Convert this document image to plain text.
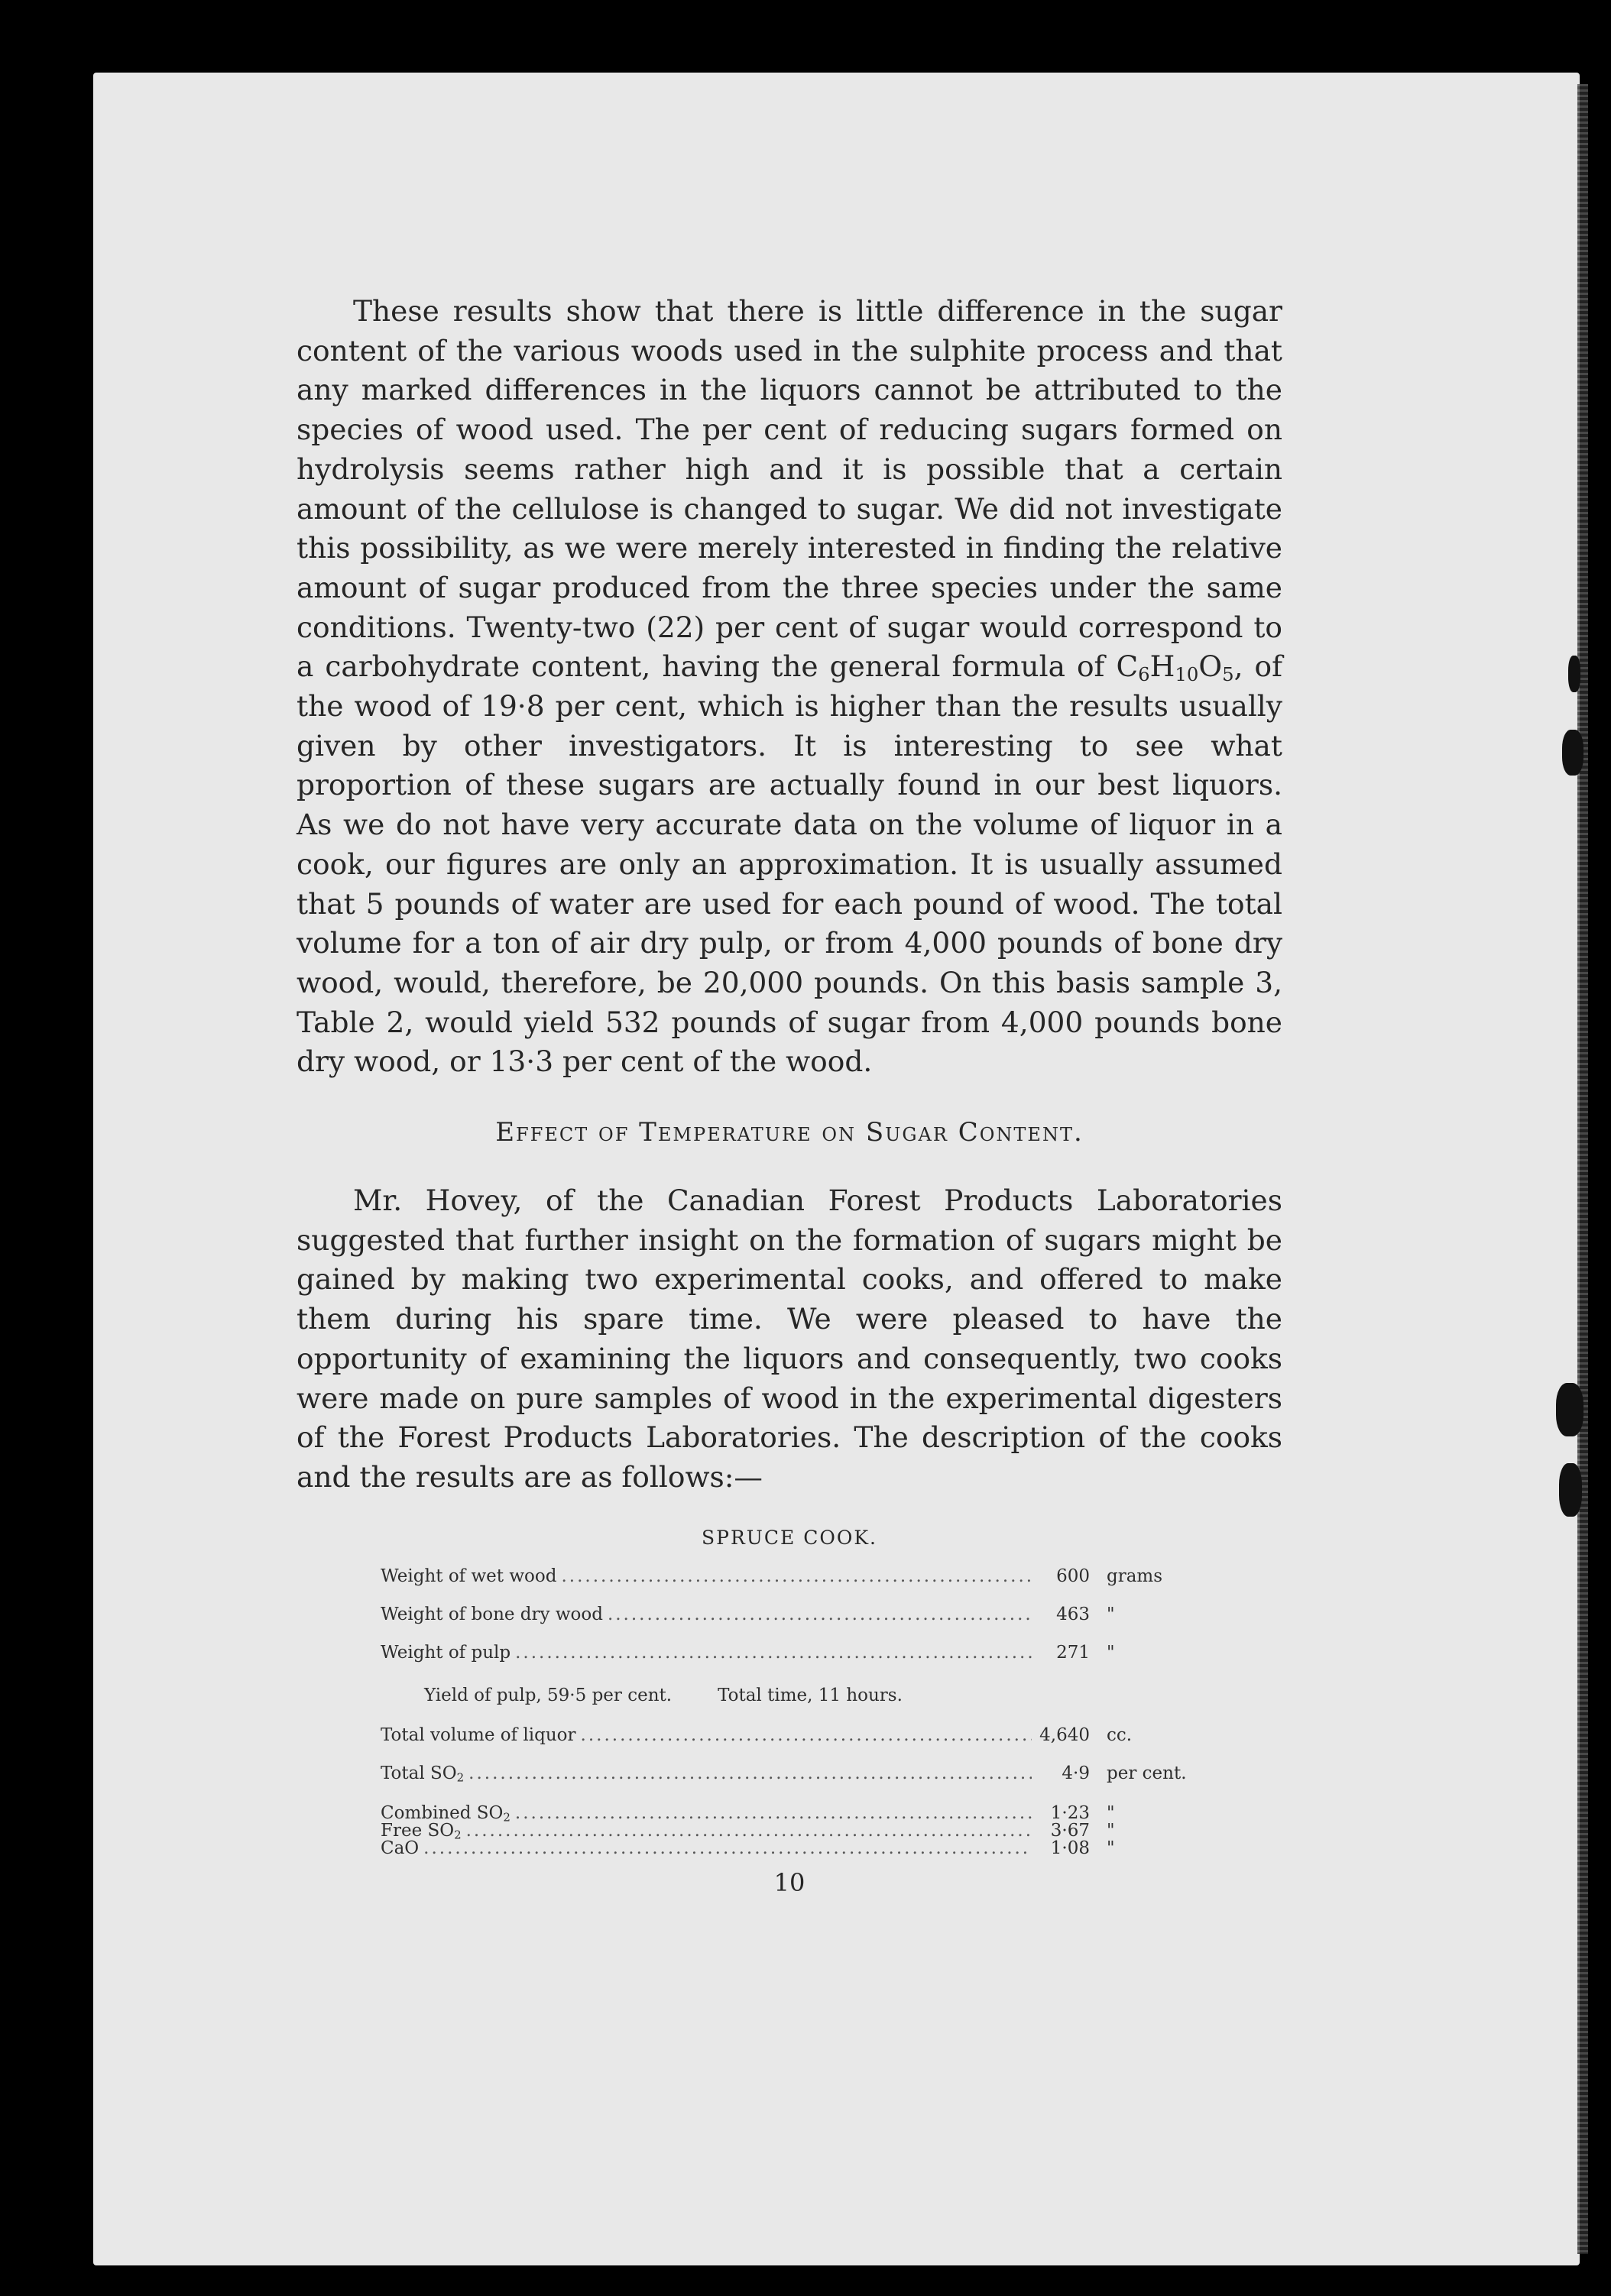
These results show that there is little difference in the sugar content of the various woods used in the sulphite process and that any marked differences in the liquors cannot be attributed to the species of wood used. The per cent of reducing sugars formed on hydrolysis seems rather high and it is possible that a certain amount of the cellulose is changed to sugar. We did not investigate this possibility, as we were merely interested in finding the relative amount of sugar produced from the three species under the same conditions. Twenty-two (22) per cent of sugar would correspond to a carbohydrate content, having the general formula of $C_6H_{10}O_5$, of the wood of 19·8 per cent, which is higher than the results usually given by other investigators. It is interesting to see what proportion of these sugars are actually found in our best liquors. As we do not have very accurate data on the volume of liquor in a cook, our figures are only an approximation. It is usually assumed that 5 pounds of water are used for each pound of wood. The total volume for a ton of air dry pulp, or from 4,000 pounds of bone dry wood, would, therefore, be 20,000 pounds. On this basis sample 3, Table 2, would yield 532 pounds of sugar from 4,000 pounds bone dry wood, or 13·3 per cent of the wood.

Effect of Temperature on Sugar Content.

Mr. Hovey, of the Canadian Forest Products Laboratories suggested that further insight on the formation of sugars might be gained by making two experimental cooks, and offered to make them during his spare time. We were pleased to have the opportunity of examining the liquors and consequently, two cooks were made on pure samples of wood in the experimental digesters of the Forest Products Laboratories. The description of the cooks and the results are as follows:—

SPRUCE COOK.
Weight of wet wood .....	600 grams
Weight of bone dry wood .....	463 "
Weight of pulp .....	271 "
Yield of pulp, 59·5 per cent.	Total time, 11 hours.
Total volume of liquor .....	4,640 cc.
Total $SO_2$ .....	4·9 per cent.
Combined $SO_2$ .....	1·23 "
Free $SO_2$ .....	3·67 "
CaO .....	1·08 "
10
